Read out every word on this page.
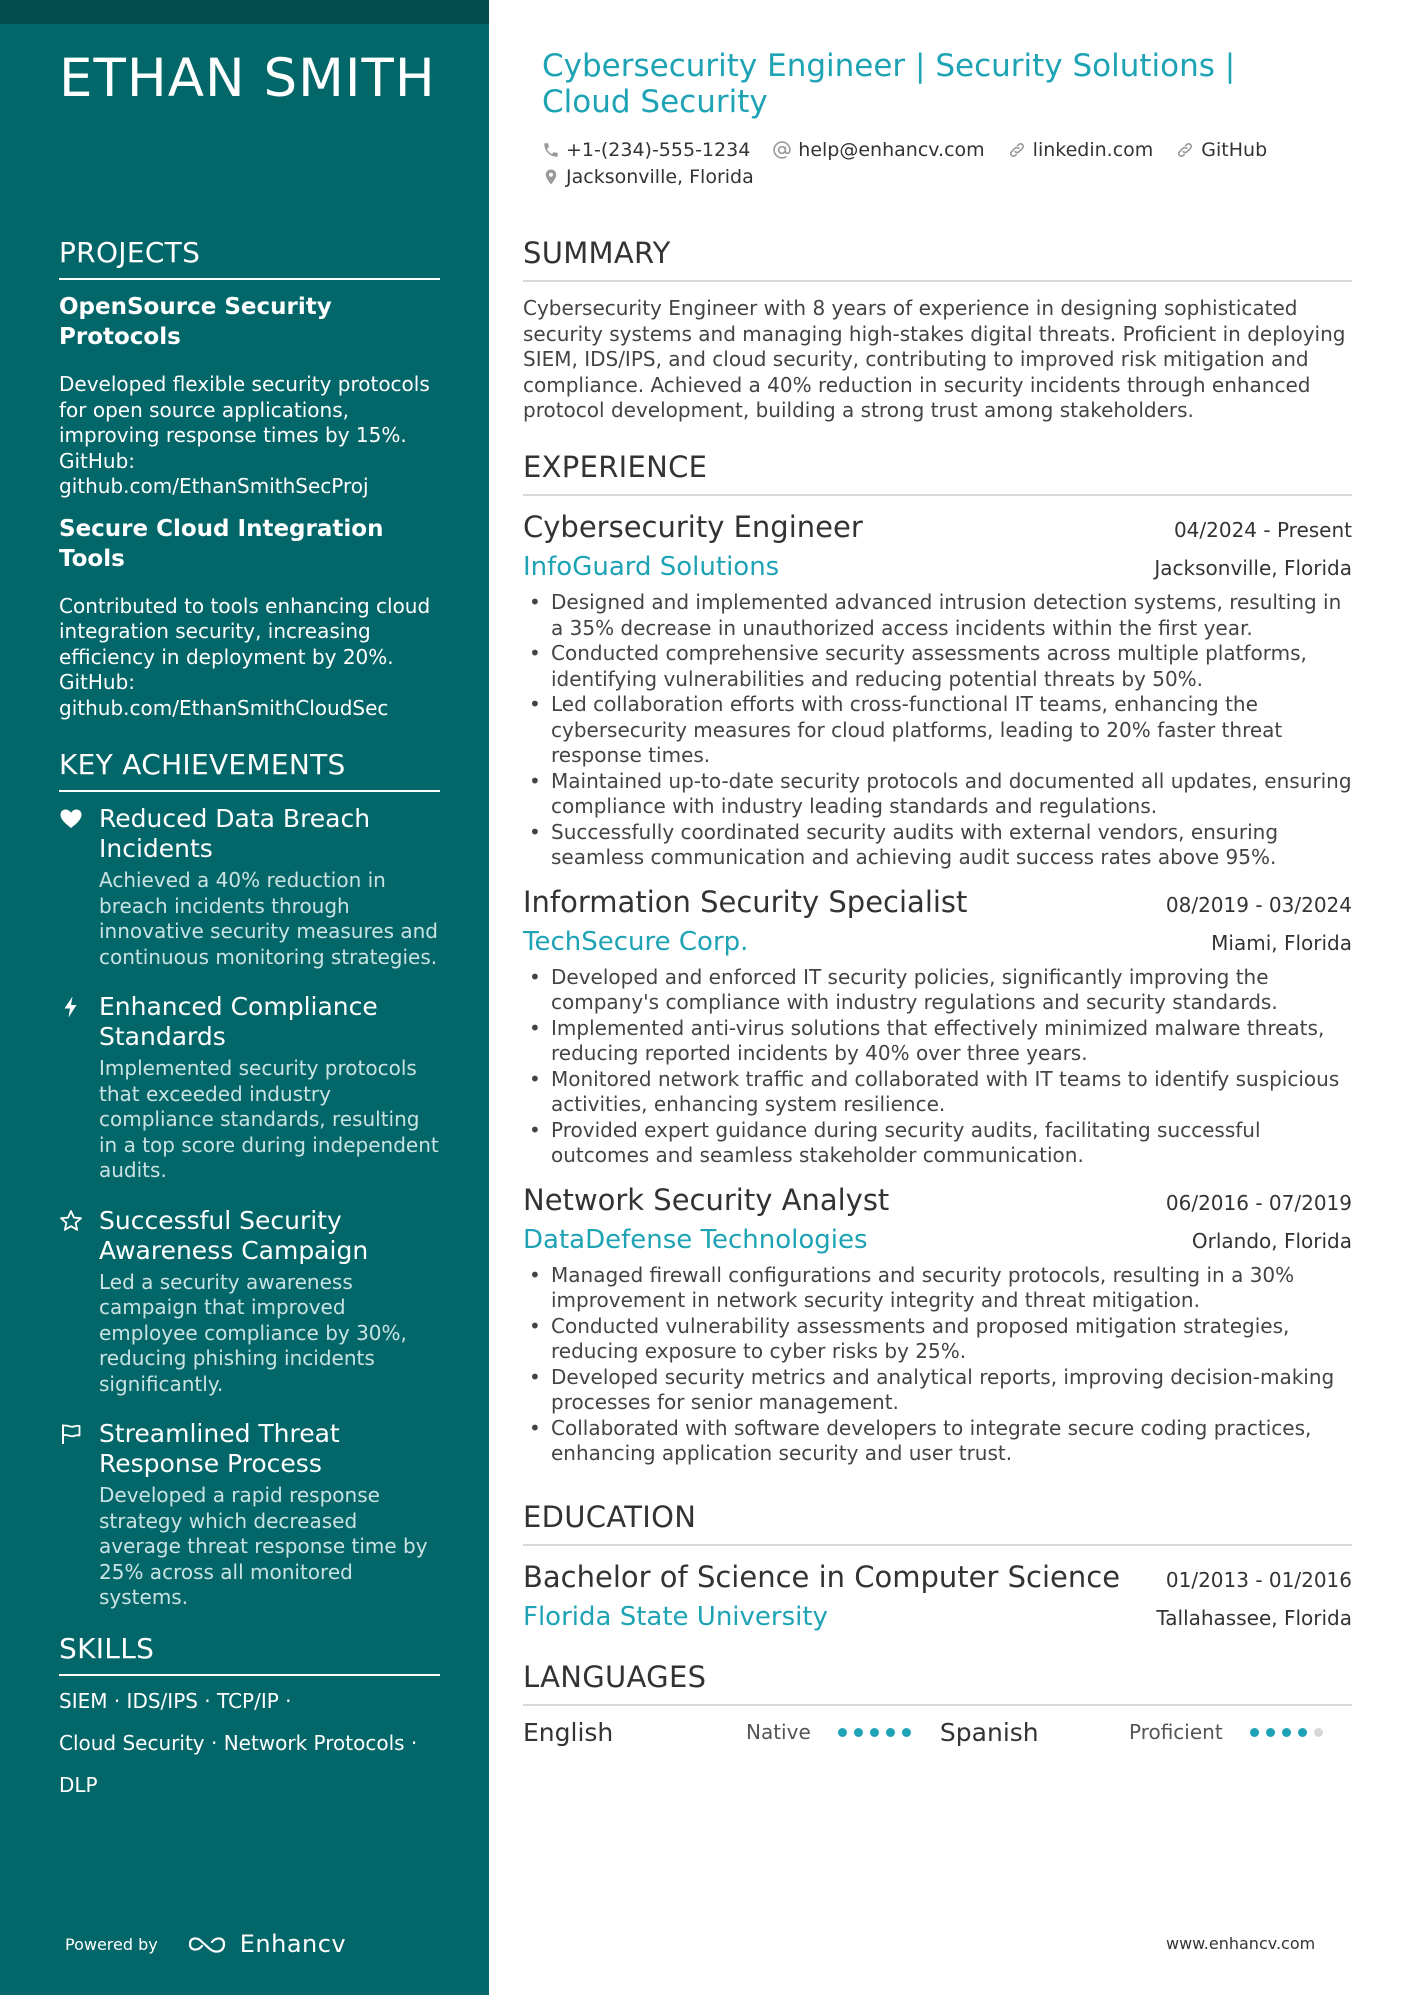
ETHAN SMITH
PROJECTS
OpenSource Security Protocols
Developed flexible security protocols for open source applications, improving response times by 15%. GitHub: github.com/EthanSmithSecProj
Secure Cloud Integration Tools
Contributed to tools enhancing cloud integration security, increasing efficiency in deployment by 20%. GitHub: github.com/EthanSmithCloudSec
KEY ACHIEVEMENTS
Reduced Data Breach Incidents
Achieved a 40% reduction in breach incidents through innovative security measures and continuous monitoring strategies.
Enhanced Compliance Standards
Implemented security protocols that exceeded industry compliance standards, resulting in a top score during independent audits.
Successful Security Awareness Campaign
Led a security awareness campaign that improved employee compliance by 30%, reducing phishing incidents significantly.
Streamlined Threat Response Process
Developed a rapid response strategy which decreased average threat response time by 25% across all monitored systems.
SKILLS
SIEM · IDS/IPS · TCP/IP ·
Cloud Security · Network Protocols ·
DLP
Powered by	Enhancv
Cybersecurity Engineer | Security Solutions | Cloud Security
+1-(234)-555-1234	help@enhancv.com	linkedin.com	GitHub
Jacksonville, Florida
SUMMARY
Cybersecurity Engineer with 8 years of experience in designing sophisticated security systems and managing high-stakes digital threats. Proficient in deploying SIEM, IDS/IPS, and cloud security, contributing to improved risk mitigation and compliance. Achieved a 40% reduction in security incidents through enhanced protocol development, building a strong trust among stakeholders.
EXPERIENCE
Cybersecurity Engineer	04/2024 - Present
InfoGuard Solutions	Jacksonville, Florida
• Designed and implemented advanced intrusion detection systems, resulting in a 35% decrease in unauthorized access incidents within the first year.
• Conducted comprehensive security assessments across multiple platforms, identifying vulnerabilities and reducing potential threats by 50%.
• Led collaboration efforts with cross-functional IT teams, enhancing the cybersecurity measures for cloud platforms, leading to 20% faster threat response times.
• Maintained up-to-date security protocols and documented all updates, ensuring compliance with industry leading standards and regulations.
• Successfully coordinated security audits with external vendors, ensuring seamless communication and achieving audit success rates above 95%.
Information Security Specialist	08/2019 - 03/2024
TechSecure Corp.	Miami, Florida
• Developed and enforced IT security policies, significantly improving the company's compliance with industry regulations and security standards.
• Implemented anti-virus solutions that effectively minimized malware threats, reducing reported incidents by 40% over three years.
• Monitored network traffic and collaborated with IT teams to identify suspicious activities, enhancing system resilience.
• Provided expert guidance during security audits, facilitating successful outcomes and seamless stakeholder communication.
Network Security Analyst	06/2016 - 07/2019
DataDefense Technologies	Orlando, Florida
• Managed firewall configurations and security protocols, resulting in a 30% improvement in network security integrity and threat mitigation.
• Conducted vulnerability assessments and proposed mitigation strategies, reducing exposure to cyber risks by 25%.
• Developed security metrics and analytical reports, improving decision-making processes for senior management.
• Collaborated with software developers to integrate secure coding practices, enhancing application security and user trust.
EDUCATION
Bachelor of Science in Computer Science 01/2013 - 01/2016
Florida State University	Tallahassee, Florida
LANGUAGES
English	Native	Spanish	Proficient
www.enhancv.com
